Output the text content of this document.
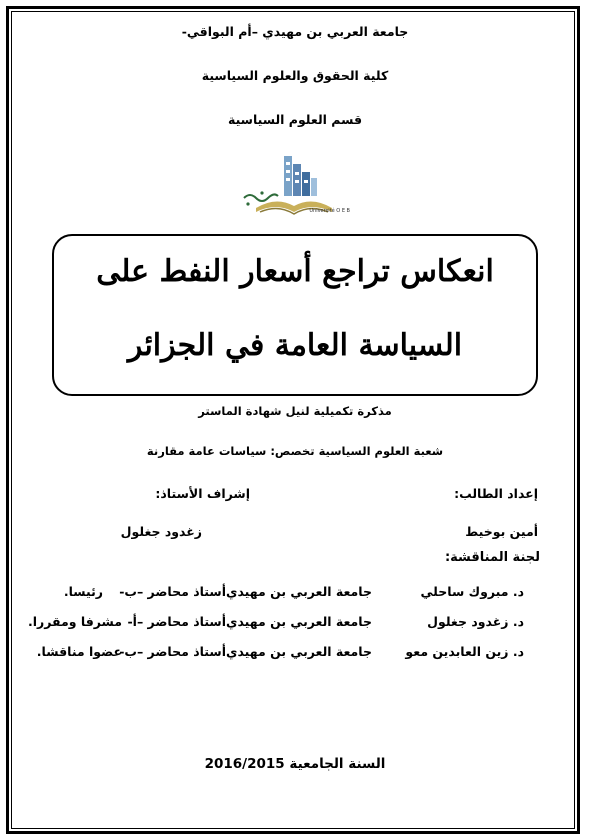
جامعة العربي بن مهيدي –أم البواقي-
كلية الحقوق والعلوم السياسية
قسم العلوم السياسية
Université O E B
انعكاس تراجع أسعار النفط على
السياسة العامة في الجزائر
مذكرة تكميلية لنيل شهادة الماستر
شعبة العلوم السياسية تخصص: سياسات عامة مقارنة
إعداد الطالب:
إشراف الأستاذ:
أمين بوخيط
زغدود جغلول
لجنة المناقشة:
د. مبروك ساحلي
جامعة العربي بن مهيدي
أستاذ محاضر –ب-
رئيسا.
د. زغدود جغلول
جامعة العربي بن مهيدي
أستاذ محاضر –أ-
مشرفا ومقررا.
د. زين العابدين معو
جامعة العربي بن مهيدي
أستاذ محاضر –ب-
عضوا مناقشا.
السنة الجامعية 2016/2015
